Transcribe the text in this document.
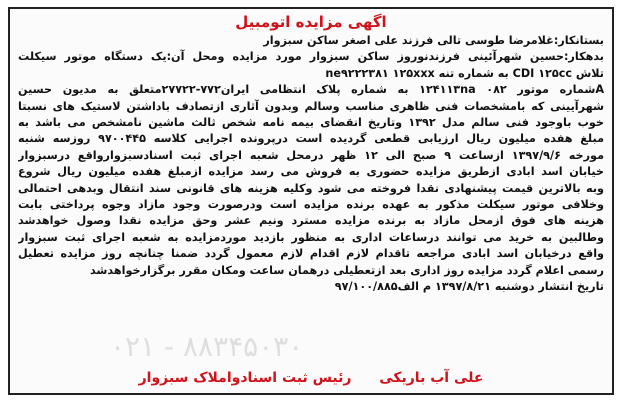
اگهی مزایده اتومبیل
بستانکار:غلامرضا طوسی تالی فرزند علی اصغر ساکن سبزوار
بدهکار:حسین شهرآئینی فرزندنوروز ساکن سبزوار مورد مزایده ومحل آن:یک دستگاه موتور سیکلت
تلاش CDI ۱۲۵cc به شماره تنه ne۹۲۲۲۳۸۱ ۱۲۵xxx
Aشماره موتور ۰۸۲ ۱۲۴۱۱۳na به شماره پلاک انتظامی ایران۷۷۲-۲۷۷۲۲متعلق به مدیون حسین
شهرآیینی که بامشخصات فنی ظاهری مناسب وسالم وبدون آثاری ازتصادف باداشتن لاستیک های نسبتا
خوب باوجود فنی سالم مدل ۱۳۹۲ وتاریخ انقضای بیمه نامه شخص ثالث ماشین نامشخص می باشد به
مبلغ هفده میلیون ریال ارزیابی قطعی گردیده است درپرونده اجرایی کلاسه ۹۷۰۰۴۴۵ روزسه شنبه
مورخه ۱۳۹۷/۹/۶ ازساعت ۹ صبح الی ۱۲ ظهر درمحل شعبه اجرای ثبت اسنادسبزوارواقع درسبزوار
خیابان اسد ابادی ازطریق مزایده حضوری به فروش می رسد مزایده ازمبلغ هفده میلیون ریال شروع
وبه بالاترین قیمت پیشنهادی نقدا فروخته می شود وکلیه هزینه های قانونی سند انتقال وبدهی احتمالی
وخلافی موتور سیکلت مذکور به عهده برنده مزایده است ودرصورت وجود مازاد وجوه پرداختی بابت
هزینه های فوق ازمحل مازاد به برنده مزایده مسترد ونیم عشر وحق مزایده نقدا وصول خواهدشد
وطالبین به خرید می توانند درساعات اداری به منظور بازدید موردمزایده به شعبه اجرای ثبت سبزوار
واقع درخیابان اسد ابادی مراجعه تاقدام لازم اقدام لازم معمول گردد ضمنا چنانچه روز مزایده تعطیل
رسمی اعلام گردد مزایده روز اداری بعد ازتعطیلی درهمان ساعت ومکان مقرر برگزارخواهدشد
تاریخ انتشار دوشنبه ۱۳۹۷/۸/۲۱ م الف۹۷/۱۰۰/۸۸۵
۰۲۱ - ۸۸۳۴۵۰۳۰
علی آب باریکی  رئیس ثبت اسنادواملاک سبزوار
